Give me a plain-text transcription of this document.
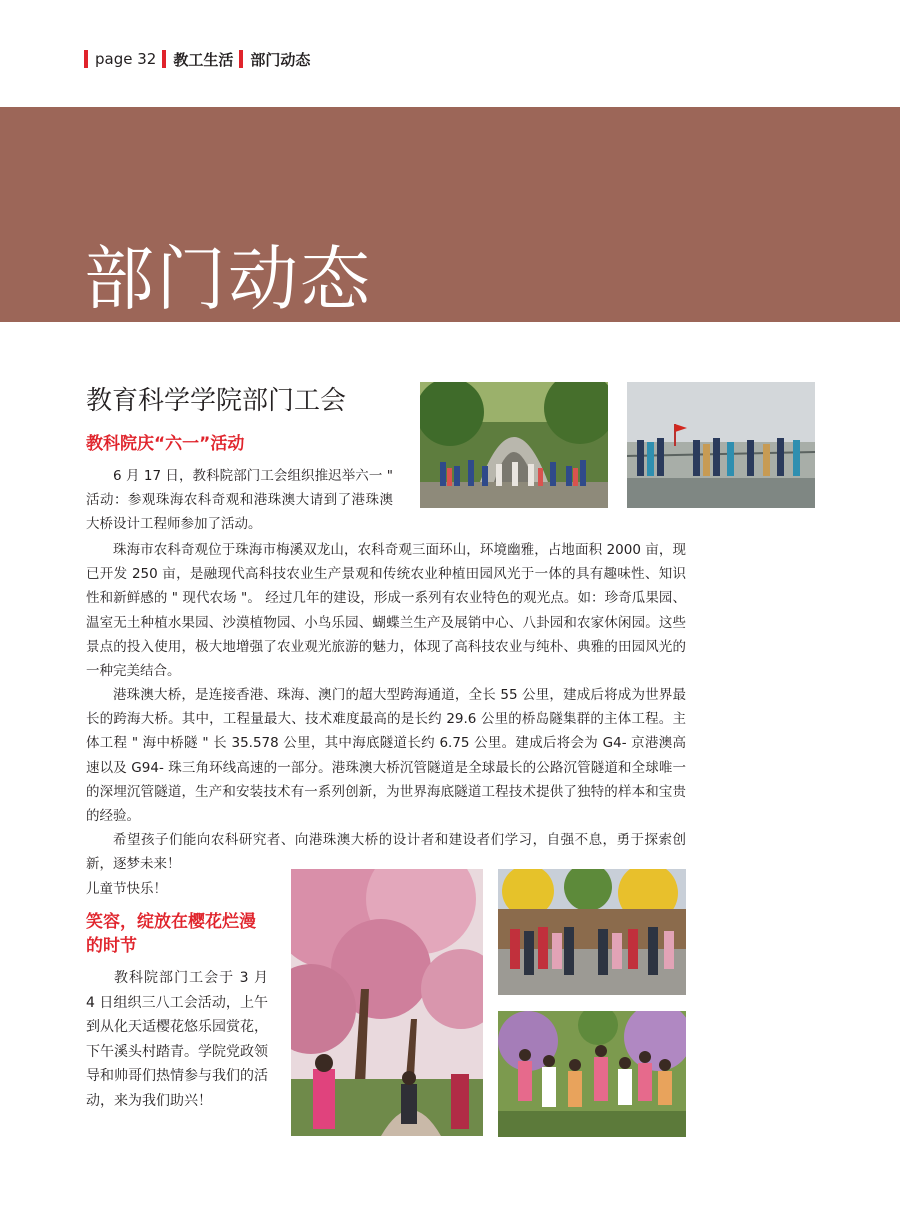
page 32 教工生活 部门动态
部门动态
教育科学学院部门工会
教科院庆“六一”活动
6 月 17 日，教科院部门工会组织推迟举六一 " 活动：参观珠海农科奇观和港珠澳大请到了港珠澳大桥设计工程师参加了活动。
珠海市农科奇观位于珠海市梅溪双龙山，农科奇观三面环山，环境幽雅，占地面积 2000 亩，现已开发 250 亩，是融现代高科技农业生产景观和传统农业种植田园风光于一体的具有趣味性、知识性和新鲜感的 " 现代农场 "。 经过几年的建设，形成一系列有农业特色的观光点。如：珍奇瓜果园、温室无土种植水果园、沙漠植物园、小鸟乐园、蝴蝶兰生产及展销中心、八卦园和农家休闲园。这些景点的投入使用，极大地增强了农业观光旅游的魅力，体现了高科技农业与纯朴、典雅的田园风光的一种完美结合。
港珠澳大桥，是连接香港、珠海、澳门的超大型跨海通道，全长 55 公里，建成后将成为世界最长的跨海大桥。其中，工程量最大、技术难度最高的是长约 29.6 公里的桥岛隧集群的主体工程。主体工程 " 海中桥隧 " 长 35.578 公里，其中海底隧道长约 6.75 公里。建成后将会为 G4- 京港澳高速以及 G94- 珠三角环线高速的一部分。港珠澳大桥沉管隧道是全球最长的公路沉管隧道和全球唯一的深埋沉管隧道，生产和安装技术有一系列创新，为世界海底隧道工程技术提供了独特的样本和宝贵的经验。
希望孩子们能向农科研究者、向港珠澳大桥的设计者和建设者们学习，自强不息，勇于探索创新，逐梦未来！
儿童节快乐！
笑容，绽放在樱花烂漫的时节
教科院部门工会于 3 月 4 日组织三八工会活动，上午到从化天适樱花悠乐园赏花，下午溪头村踏青。学院党政领导和帅哥们热情参与我们的活动，来为我们助兴！
